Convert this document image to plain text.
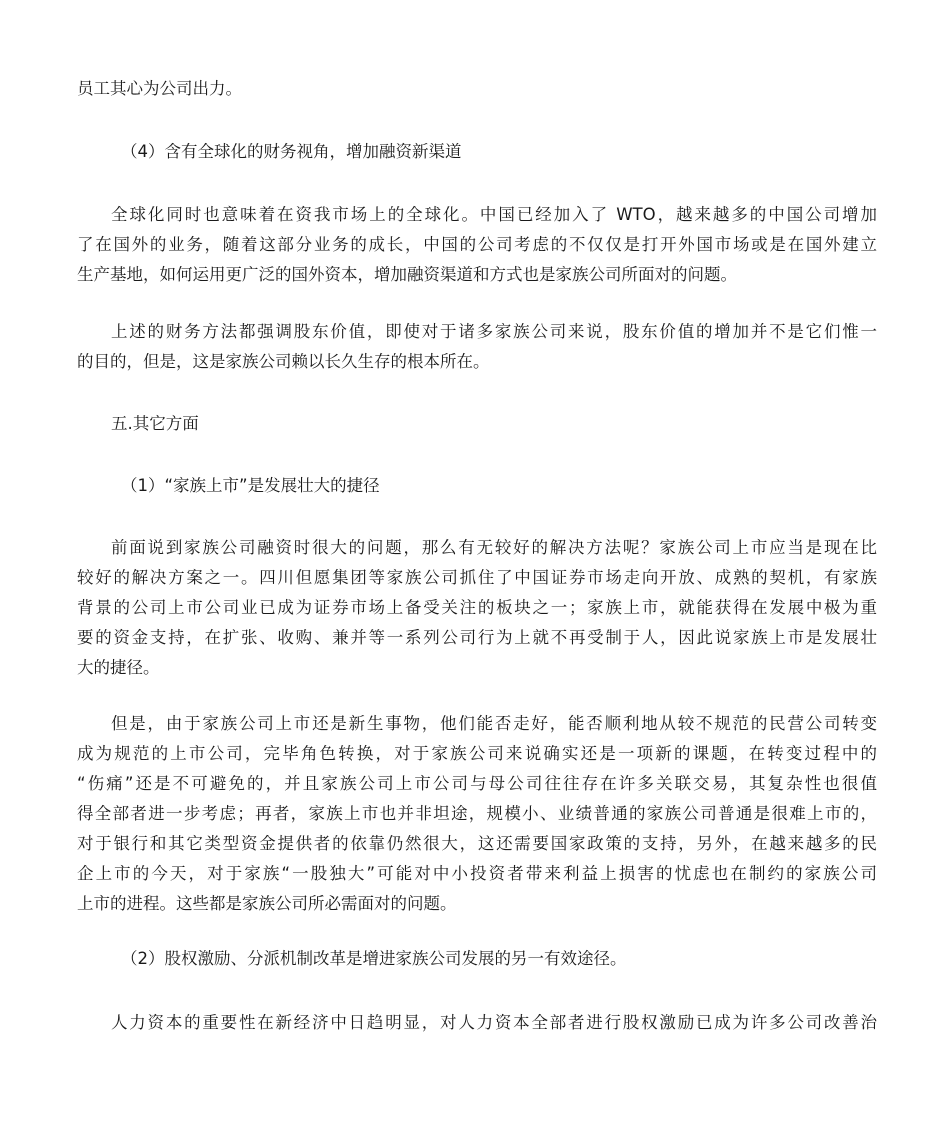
员工其心为公司出力。
（4）含有全球化的财务视角，增加融资新渠道
全球化同时也意味着在资我市场上的全球化。中国已经加入了 WTO，越来越多的中国公司增加
了在国外的业务，随着这部分业务的成长，中国的公司考虑的不仅仅是打开外国市场或是在国外建立
生产基地，如何运用更广泛的国外资本，增加融资渠道和方式也是家族公司所面对的问题。
上述的财务方法都强调股东价值，即使对于诸多家族公司来说，股东价值的增加并不是它们惟一
的目的，但是，这是家族公司赖以长久生存的根本所在。
五.其它方面
（1）“家族上市”是发展壮大的捷径
前面说到家族公司融资时很大的问题，那么有无较好的解决方法呢？家族公司上市应当是现在比
较好的解决方案之一。四川但愿集团等家族公司抓住了中国证券市场走向开放、成熟的契机，有家族
背景的公司上市公司业已成为证券市场上备受关注的板块之一；家族上市，就能获得在发展中极为重
要的资金支持，在扩张、收购、兼并等一系列公司行为上就不再受制于人，因此说家族上市是发展壮
大的捷径。
但是，由于家族公司上市还是新生事物，他们能否走好，能否顺利地从较不规范的民营公司转变
成为规范的上市公司，完毕角色转换，对于家族公司来说确实还是一项新的课题，在转变过程中的
“伤痛”还是不可避免的，并且家族公司上市公司与母公司往往存在许多关联交易，其复杂性也很值
得全部者进一步考虑；再者，家族上市也并非坦途，规模小、业绩普通的家族公司普通是很难上市的，
对于银行和其它类型资金提供者的依靠仍然很大，这还需要国家政策的支持，另外，在越来越多的民
企上市的今天，对于家族“一股独大”可能对中小投资者带来利益上损害的忧虑也在制约的家族公司
上市的进程。这些都是家族公司所必需面对的问题。
（2）股权激励、分派机制改革是增进家族公司发展的另一有效途径。
人力资本的重要性在新经济中日趋明显，对人力资本全部者进行股权激励已成为许多公司改善治
